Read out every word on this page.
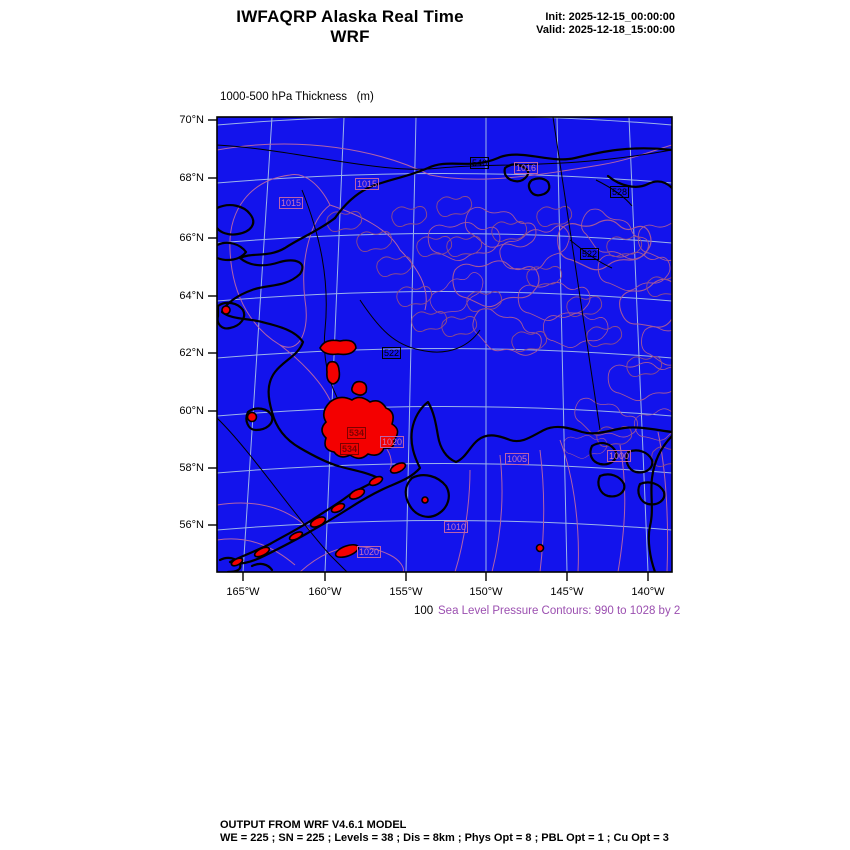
IWFAQRP Alaska Real Time WRF
Init: 2025-12-15_00:00:00
Valid: 2025-12-18_15:00:00

1000-500 hPa Thickness   (m)

70°N
68°N
66°N
64°N
62°N
60°N
58°N
56°N
165°W	160°W	155°W	150°W	145°W	140°W
1015
1015
1016
1020
1005
1010
1000
1020
546
522
528
522
534
534
100 Sea Level Pressure Contours: 990 to 1028 by 2
OUTPUT FROM WRF V4.6.1 MODEL
WE = 225 ; SN = 225 ; Levels = 38 ; Dis = 8km ; Phys Opt = 8 ; PBL Opt = 1 ; Cu Opt = 3
